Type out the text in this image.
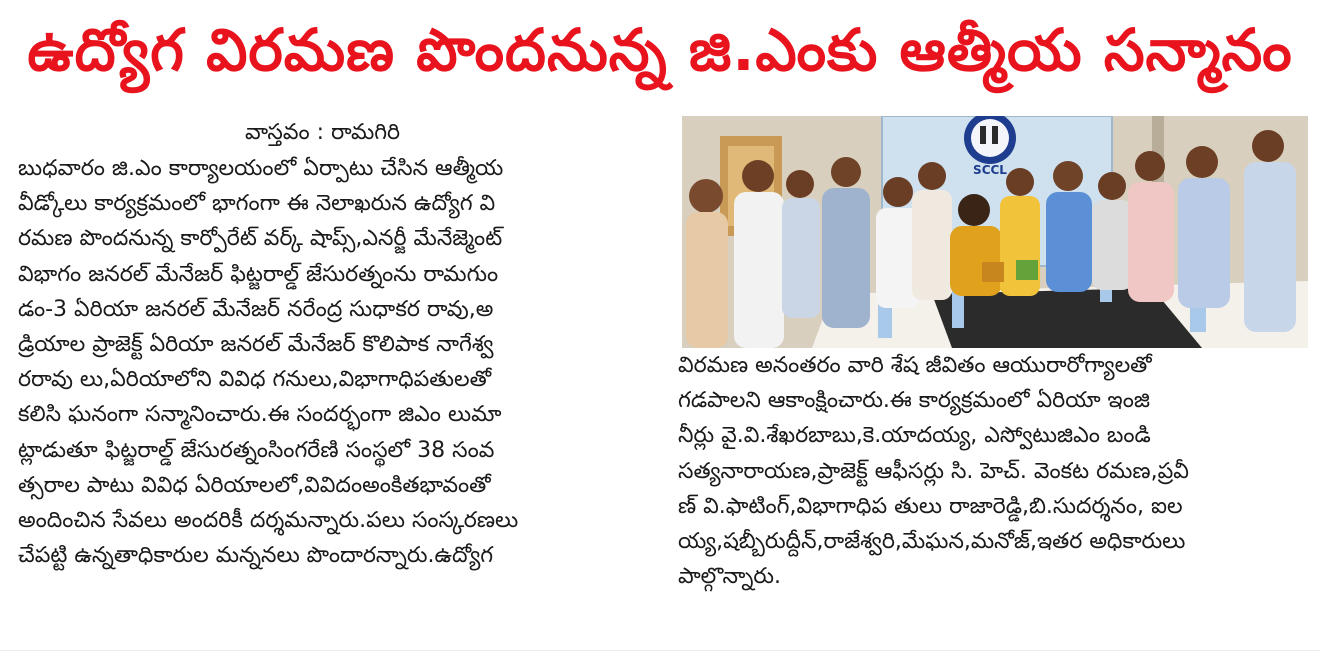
ఉద్యోగ విరమణ పొందనున్న జి.ఎంకు ఆత్మీయ సన్మానం
వాస్తవం : రామగిరి
బుధవారం జి.ఎం కార్యాలయంలో ఏర్పాటు చేసిన ఆత్మీయ
వీడ్కోలు కార్యక్రమంలో భాగంగా ఈ నెలాఖరున ఉద్యోగ వి
రమణ పొందనున్న కార్పోరేట్ వర్క్ షాప్స్,ఎనర్జీ మేనేజ్మెంట్
విభాగం జనరల్ మేనేజర్ ఫిట్జరాల్డ్ జేసురత్నంను రామగుం
డం-3 ఏరియా జనరల్ మేనేజర్ నరేంద్ర సుధాకర రావు,అ
డ్రియాల ప్రాజెక్ట్ ఏరియా జనరల్ మేనేజర్ కొలిపాక నాగేశ్వ
రరావు లు,ఏరియాలోని వివిధ గనులు,విభాగాధిపతులతో
కలిసి ఘనంగా సన్మానించారు.ఈ సందర్భంగా జిఎం లుమా
ట్లాడుతూ ఫిట్జరాల్డ్ జేసురత్నంసింగరేణి సంస్థలో 38 సంవ
త్సరాల పాటు వివిధ ఏరియాలలో,వివిదంఅంకితభావంతో
అందించిన సేవలు అందరికీ దర్శమన్నారు.పలు సంస్కరణలు
చేపట్టి ఉన్నతాధికారుల మన్ననలు పొందారన్నారు.ఉద్యోగ
SCCL
విరమణ అనంతరం వారి శేష జీవితం ఆయురారోగ్యాలతో
గడపాలని ఆకాంక్షించారు.ఈ కార్యక్రమంలో ఏరియా ఇంజి
నీర్లు వై.వి.శేఖరబాబు,కె.యాదయ్య, ఎస్వోటుజిఎం బండి
సత్యనారాయణ,ప్రాజెక్ట్ ఆఫీసర్లు సి. హెచ్. వెంకట రమణ,ప్రవీ
ణ్ వి.ఫాటింగ్,విభాగాధిప తులు రాజారెడ్డి,బి.సుదర్శనం, ఐల
య్య,షబ్బీరుద్దీన్,రాజేశ్వరి,మేఘన,మనోజ్,ఇతర అధికారులు
పాల్గొన్నారు.
